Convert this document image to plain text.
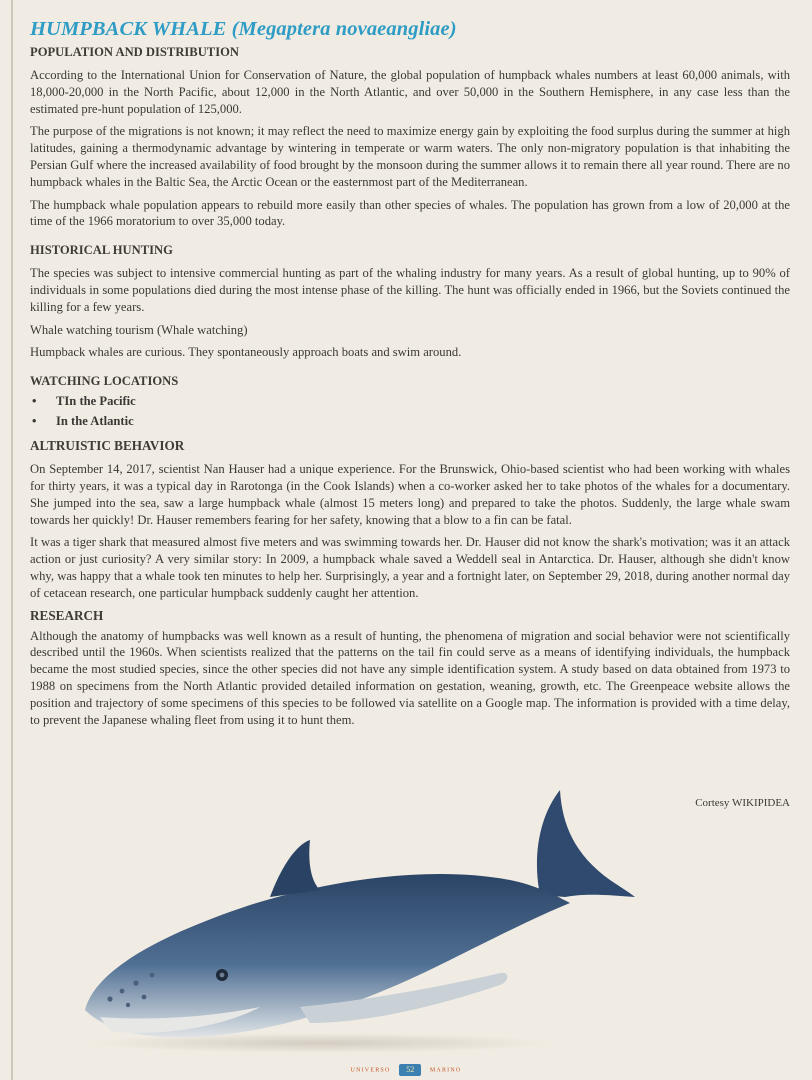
HUMPBACK WHALE (Megaptera novaeangliae)
POPULATION AND DISTRIBUTION

According to the International Union for Conservation of Nature, the global population of humpback whales numbers at least 60,000 animals, with 18,000-20,000 in the North Pacific, about 12,000 in the North Atlantic, and over 50,000 in the Southern Hemisphere, in any case less than the estimated pre-hunt population of 125,000.

The purpose of the migrations is not known; it may reflect the need to maximize energy gain by exploiting the food surplus during the summer at high latitudes, gaining a thermodynamic advantage by wintering in temperate or warm waters. The only non-migratory population is that inhabiting the Persian Gulf where the increased availability of food brought by the monsoon during the summer allows it to remain there all year round. There are no humpback whales in the Baltic Sea, the Arctic Ocean or the easternmost part of the Mediterranean.

The humpback whale population appears to rebuild more easily than other species of whales. The population has grown from a low of 20,000 at the time of the 1966 moratorium to over 35,000 today.

HISTORICAL HUNTING

The species was subject to intensive commercial hunting as part of the whaling industry for many years. As a result of global hunting, up to 90% of individuals in some populations died during the most intense phase of the killing. The hunt was officially ended in 1966, but the Soviets continued the killing for a few years.

Whale watching tourism (Whale watching)

Humpback whales are curious. They spontaneously approach boats and swim around.

WATCHING LOCATIONS
• TIn the Pacific
• In the Atlantic
ALTRUISTIC BEHAVIOR

On September 14, 2017, scientist Nan Hauser had a unique experience. For the Brunswick, Ohio-based scientist who had been working with whales for thirty years, it was a typical day in Rarotonga (in the Cook Islands) when a co-worker asked her to take photos of the whales for a documentary. She jumped into the sea, saw a large humpback whale (almost 15 meters long) and prepared to take the photos. Suddenly, the large whale swam towards her quickly! Dr. Hauser remembers fearing for her safety, knowing that a blow to a fin can be fatal.

It was a tiger shark that measured almost five meters and was swimming towards her. Dr. Hauser did not know the shark's motivation; was it an attack action or just curiosity? A very similar story: In 2009, a humpback whale saved a Weddell seal in Antarctica. Dr. Hauser, although she didn't know why, was happy that a whale took ten minutes to help her. Surprisingly, a year and a fortnight later, on September 29, 2018, during another normal day of cetacean research, one particular humpback suddenly caught her attention.

RESEARCH

Although the anatomy of humpbacks was well known as a result of hunting, the phenomena of migration and social behavior were not scientifically described until the 1960s. When scientists realized that the patterns on the tail fin could serve as a means of identifying individuals, the humpback became the most studied species, since the other species did not have any simple identification system. A study based on data obtained from 1973 to 1988 on specimens from the North Atlantic provided detailed information on gestation, weaning, growth, etc. The Greenpeace website allows the position and trajectory of some specimens of this species to be followed via satellite on a Google map. The information is provided with a time delay, to prevent the Japanese whaling fleet from using it to hunt them.

Cortesy WIKIPIDEA
UNIVERSO 52	MARINO
